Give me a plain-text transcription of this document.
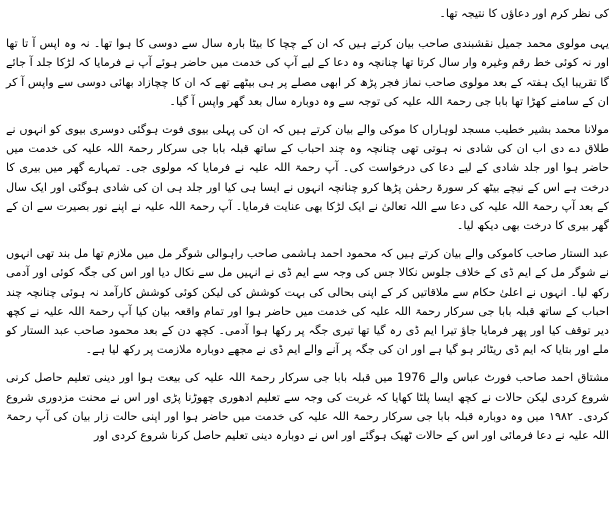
کی نظر کرم اور دعاؤں کا نتیجہ تھا۔

یہی مولوی محمد جمیل نقشبندی صاحب بیان کرتے ہیں کہ ان کے چچا کا بیٹا بارہ سال سے دوسی کا ہوا تھا۔ نہ وہ اپس آ تا تھا اور نہ کوئی خط رقم وغیرہ وار سال کرتا تھا چنانچہ وہ دعا کے لیے آپ کی خدمت میں حاضر ہوئے آپ نے فرمایا کہ لڑکا جلد آ جائے گا تقریبا ایک ہفتہ کے بعد مولوی صاحب نماز فجر پڑھ کر ابھی مصلے پر ہی بیٹھے تھے کہ ان کا چچازاد بھائی دوسی سے واپس آ کر ان کے سامنے کھڑا تھا بابا جی رحمۃ اللہ علیہ کی توجہ سے وہ دوبارہ سال بعد گھر واپس آ گیا۔

مولانا محمد بشیر خطیب مسجد لوہاراں کا موکی والے بیان کرتے ہیں کہ ان کی پہلی بیوی فوت ہوگئی دوسری بیوی کو انہوں نے طلاق دے دی اب ان کی شادی نہ ہوتی تھی چنانچہ وہ چند احباب کے ساتھ قبلہ بابا جی سرکار رحمۃ اللہ علیہ کی خدمت میں حاضر ہوا اور جلد شادی کے لیے دعا کی درخواست کی۔ آپ رحمۃ اللہ علیہ نے فرمایا کہ مولوی جی۔ تمہارے گھر میں بیری کا درخت ہے اس کے نیچے بیٹھ کر سورۃ رحمٰن پڑھا کرو چنانچہ انہوں نے ایسا ہی کیا اور جلد ہی ان کی شادی ہوگئی اور ایک سال کے بعد آپ رحمۃ اللہ علیہ کی دعا سے اللہ تعالیٰ نے ایک لڑکا بھی عنایت فرمایا۔ آپ رحمۃ اللہ علیہ نے اپنے نور بصیرت سے ان کے گھر بیری کا درخت بھی دیکھ لیا۔

عبد الستار صاحب کاموکی والے بیان کرتے ہیں کہ محمود احمد ہاشمی صاحب راہوالی شوگر مل میں ملازم تھا مل بند تھی انہوں نے شوگر مل کے ایم ڈی کے خلاف جلوس نکالا جس کی وجہ سے ایم ڈی نے انہیں مل سے نکال دیا اور اس کی جگہ کوئی اور آدمی رکھ لیا۔ انہوں نے اعلیٰ حکام سے ملاقاتیں کر کے اپنی بحالی کی بہت کوشش کی لیکن کوئی کوشش کارآمد نہ ہوئی چنانچہ چند احباب کے ساتھ قبلہ بابا جی سرکار رحمۃ اللہ علیہ کی خدمت میں حاضر ہوا اور تمام واقعہ بیان کیا آپ رحمۃ اللہ علیہ نے کچھ دیر توقف کیا اور پھر فرمایا جاؤ تیرا ایم ڈی رہ گیا تھا تیری جگہ پر رکھا ہوا آدمی۔ کچھ دن کے بعد محمود صاحب عبد الستار کو ملے اور بتایا کہ ایم ڈی ریٹائر ہو گیا ہے اور ان کی جگہ پر آنے والے ایم ڈی نے مجھے دوبارہ ملازمت پر رکھ لیا ہے۔

مشتاق احمد صاحب فورٹ عباس والے 1976 میں قبلہ بابا جی سرکار رحمۃ اللہ علیہ کی بیعت ہوا اور دینی تعلیم حاصل کرنی شروع کردی لیکن حالات نے کچھ ایسا پلٹا کھایا کہ غربت کی وجہ سے تعلیم ادھوری چھوڑنا پڑی اور اس نے محنت مزدوری شروع کردی۔ ۱۹۸۲ میں وہ دوبارہ قبلہ بابا جی سرکار رحمۃ اللہ علیہ کی خدمت میں حاضر ہوا اور اپنی حالت زار بیان کی آپ رحمۃ اللہ علیہ نے دعا فرمائی اور اس کے حالات ٹھیک ہوگئے اور اس نے دوبارہ دینی تعلیم حاصل کرنا شروع کردی اور
